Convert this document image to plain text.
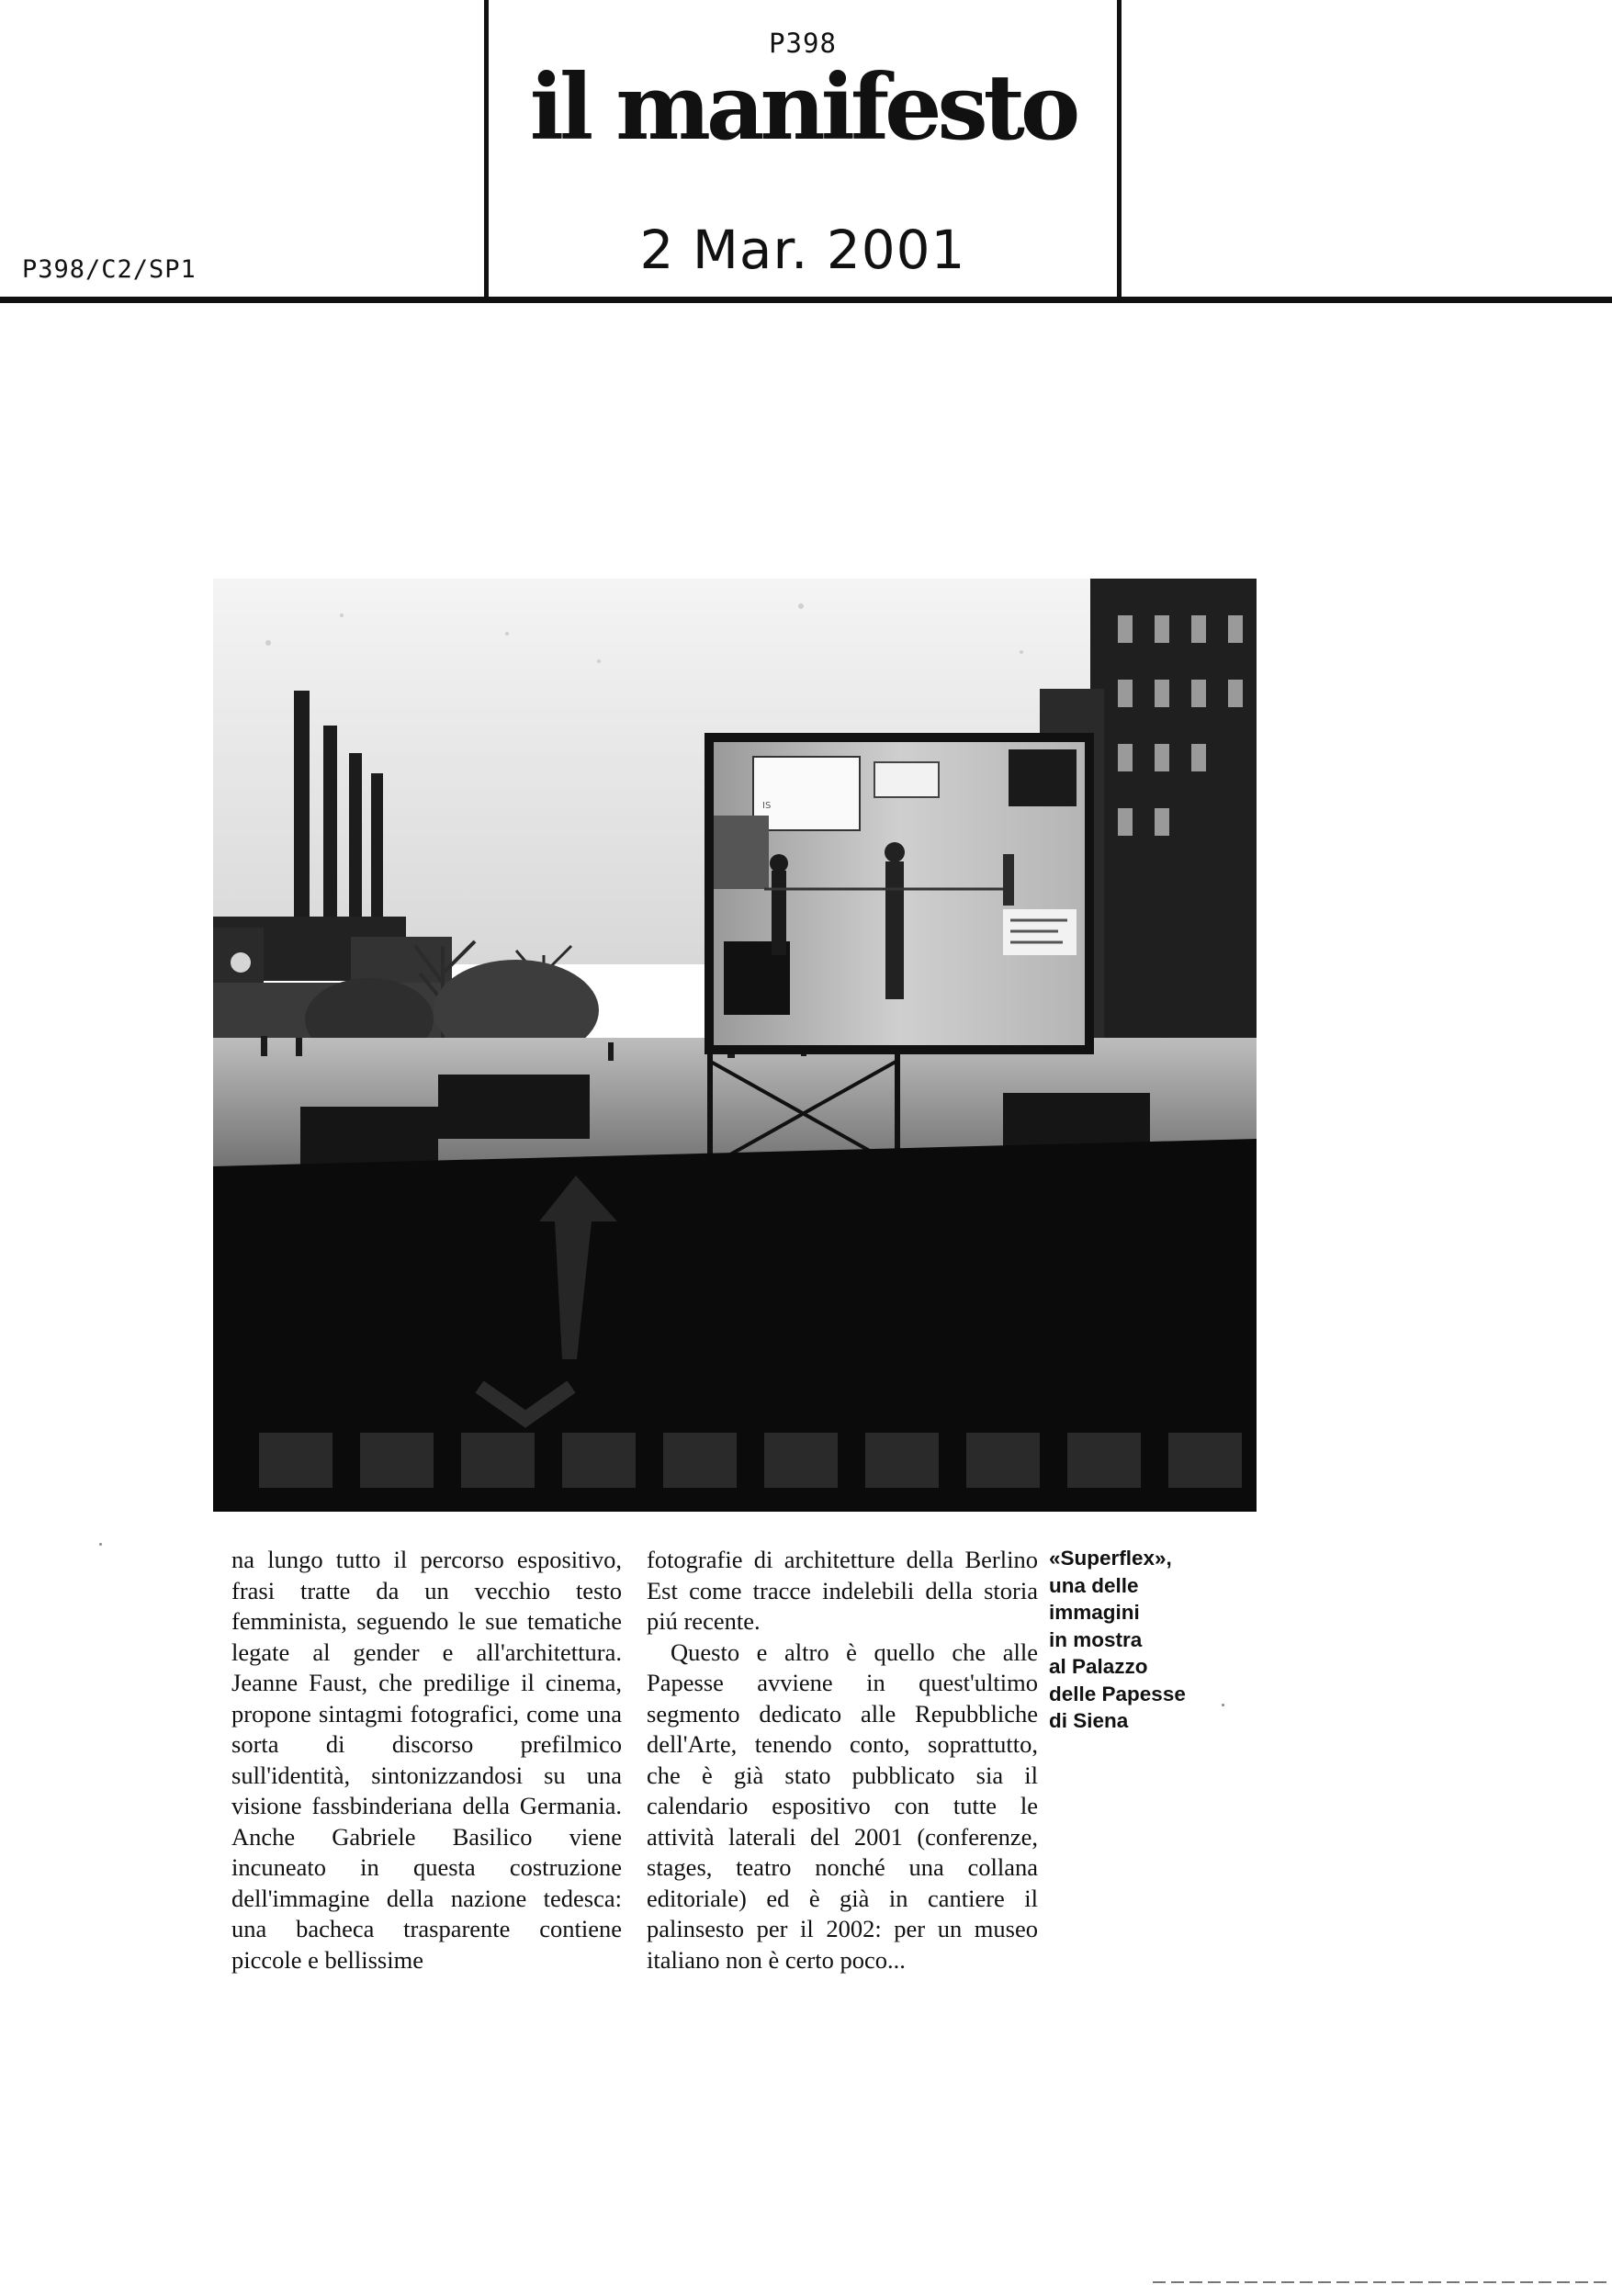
P398
il manifesto
2 Mar. 2001
P398/C2/SP1
IS

na lungo tutto il percorso espositivo, frasi tratte da un vecchio testo femminista, seguendo le sue tematiche legate al gender e all'architettura. Jeanne Faust, che predilige il cinema, propone sintagmi fotografici, come una sorta di discorso prefilmico sull'identità, sintonizzandosi su una visione fassbinderiana della Germania. Anche Gabriele Basilico viene incuneato in questa costruzione dell'immagine della nazione tedesca: una bacheca trasparente contiene piccole e bellissime

fotografie di architetture della Berlino Est come tracce indelebili della storia piú recente.

Questo e altro è quello che alle Papesse avviene in quest'ultimo segmento dedicato alle Repubbliche dell'Arte, tenendo conto, soprattutto, che è già stato pubblicato sia il calendario espositivo con tutte le attività laterali del 2001 (conferenze, stages, teatro nonché una collana editoriale) ed è già in cantiere il palinsesto per il 2002: per un museo italiano non è certo poco...

«Superflex»,
una delle
immagini
in mostra
al Palazzo
delle Papesse
di Siena
